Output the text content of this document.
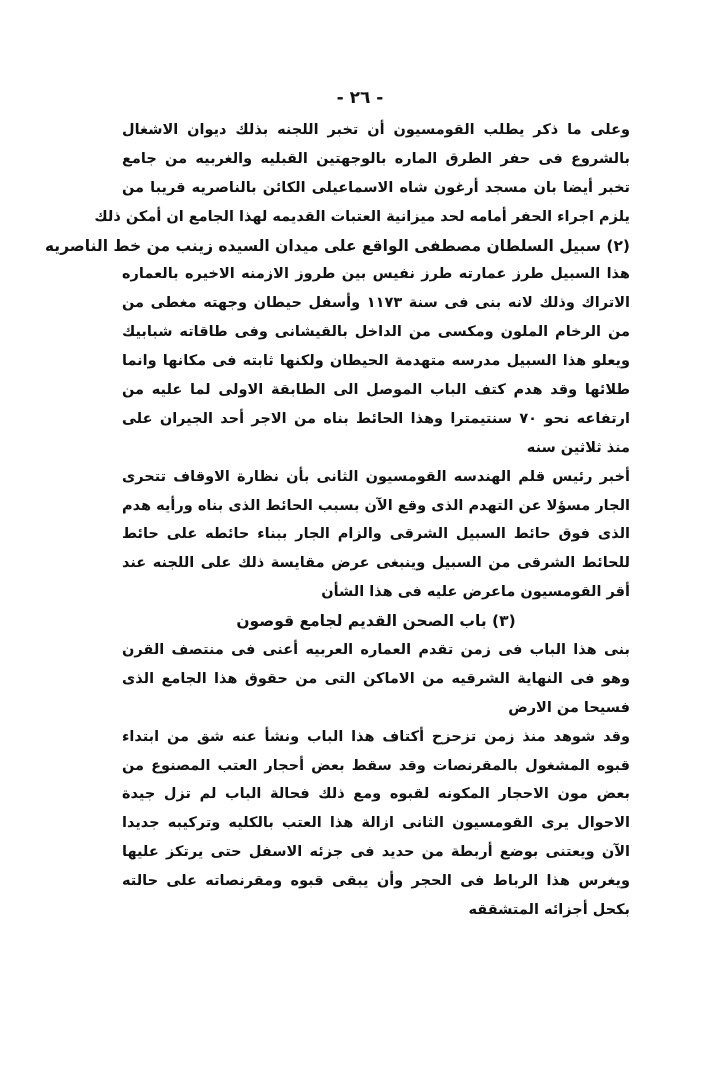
- ٢٦ -
وعلى ما ذكر يطلب القومسيون أن تخبر اللجنه بذلك ديوان الاشغال
بالشروع فى حفر الطرق الماره بالوجهتين القبليه والغربيه من جامع
تخبر أيضا بان مسجد أرغون شاه الاسماعيلى الكائن بالناصريه قريبا من
يلزم اجراء الحفر أمامه لحد ميزانية العتبات القديمه لهذا الجامع ان أمكن ذلك
(٢) سبيل السلطان مصطفى الواقع على ميدان السيده زينب من خط الناصريه
هذا السبيل طرز عمارته طرز نفيس بين طروز الازمنه الاخيره بالعماره
الاتراك وذلك لانه بنى فى سنة ١١٧٣ وأسفل حيطان وجهته مغطى من
من الرخام الملون ومكسى من الداخل بالقيشانى وفى طاقاته شبابيك
ويعلو هذا السبيل مدرسه متهدمة الحيطان ولكنها ثابته فى مكانها وانما
طلائها وقد هدم كتف الباب الموصل الى الطابقة الاولى لما عليه من
ارتفاعه نحو ٧٠ سنتيمترا وهذا الحائط بناه من الاجر أحد الجيران على
منذ ثلاثين سنه
أخبر رئيس قلم الهندسه القومسيون الثانى بأن نظارة الاوقاف تتحرى
الجار مسؤلا عن التهدم الذى وقع الآن بسبب الحائط الذى بناه ورأيه هدم
الذى فوق حائط السبيل الشرقى والزام الجار ببناء حائطه على حائط
للحائط الشرقى من السبيل وينبغى عرض مقايسة ذلك على اللجنه عند
أقر القومسيون ماعرض عليه فى هذا الشأن
(٣) باب الصحن القديم لجامع قوصون
بنى هذا الباب فى زمن تقدم العماره العربيه أعنى فى منتصف القرن
وهو فى النهاية الشرقيه من الاماكن التى من حقوق هذا الجامع الذى
فسيحا من الارض
وقد شوهد منذ زمن تزحزح أكتاف هذا الباب ونشأ عنه شق من ابتداء
قبوه المشغول بالمقرنصات وقد سقط بعض أحجار العتب المصنوع من
بعض مون الاحجار المكونه لقبوه ومع ذلك فحالة الباب لم تزل جيدة
الاحوال يرى القومسيون الثانى ازالة هذا العتب بالكليه وتركيبه جديدا
الآن ويعتنى بوضع أربطة من حديد فى جزئه الاسفل حتى يرتكز عليها
ويغرس هذا الرباط فى الحجر وأن يبقى قبوه ومقرنصاته على حالته
بكحل أجزائه المتشققه
